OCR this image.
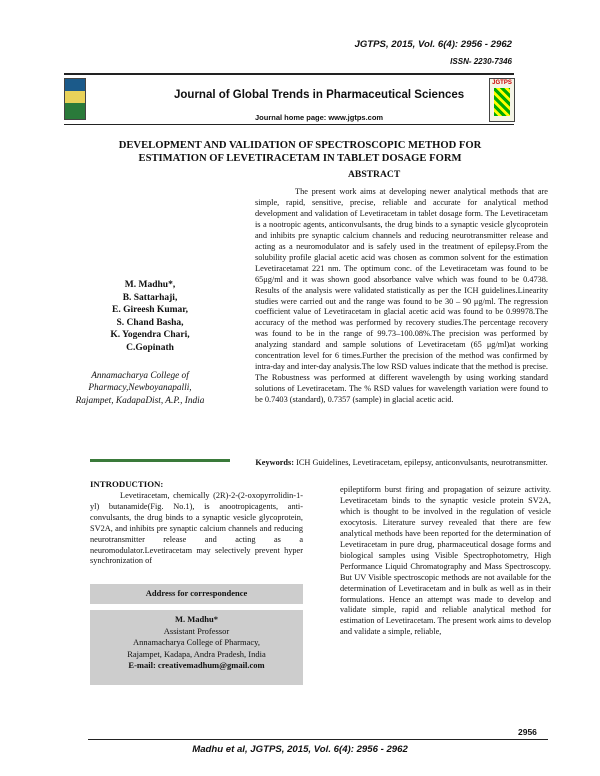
JGTPS, 2015, Vol. 6(4): 2956 - 2962
ISSN- 2230-7346
Journal of Global Trends in Pharmaceutical Sciences
JGTPS
Journal home page: www.jgtps.com
DEVELOPMENT AND VALIDATION OF SPECTROSCOPIC METHOD FOR
ESTIMATION OF LEVETIRACETAM IN TABLET DOSAGE FORM
ABSTRACT
The present work aims at developing newer analytical methods that are simple, rapid, sensitive, precise, reliable and accurate for analytical method development and validation of Levetiracetam in tablet dosage form. The Levetiracetam is a nootropic agents, anticonvulsants, the drug binds to a synaptic vesicle glycoprotein and inhibits pre synaptic calcium channels and reducing neurotransmitter release and acting as a neuromodulator and is safely used in the treatment of epilepsy.From the solubility profile glacial acetic acid was chosen as common solvent for the estimation Levetiracetamat 221 nm. The optimum conc. of the Levetiracetam was found to be 65μg/ml and it was shown good absorbance valve which was found to be 0.4738. Results of the analysis were validated statistically as per the ICH guidelines.Linearity studies were carried out and the range was found to be 30 – 90 μg/ml. The regression coefficient value of Levetiracetam in glacial acetic acid was found to be 0.99978.The accuracy of the method was performed by recovery studies.The percentage recovery was found to be in the range of 99.73–100.08%.The precision was performed by analyzing standard and sample solutions of Levetiracetam (65 μg/ml)at working concentration level for 6 times.Further the precision of the method was confirmed by intra-day and inter-day analysis.The low RSD values indicate that the method is precise. The Robustness was performed at different wavelength by using working standard solutions of Levetiracetam. The % RSD values for wavelength variation were found to be 0.7403 (standard), 0.7357 (sample) in glacial acetic acid.
Keywords: ICH Guidelines, Levetiracetam, epilepsy, anticonvulsants, neurotransmitter.
M. Madhu*,
B. Sattarhaji,
E. Gireesh Kumar,
S. Chand Basha,
K. Yogendra Chari,
C.Gopinath
Annamacharya College of
Pharmacy,Newboyanapalli,
Rajampet, KadapaDist, A.P., India
INTRODUCTION:
Levetiracetam, chemically (2R)-2-(2-oxopyrrolidin-1-yl) butanamide(Fig. No.1), is anootropicagents, anti-convulsants, the drug binds to a synaptic vesicle glycoprotein, SV2A, and inhibits pre synaptic calcium channels and reducing neurotransmitter release and acting as a neuromodulator.Levetiracetam may selectively prevent hyper synchronization of
epileptiform burst firing and propagation of seizure activity. Levetiracetam binds to the synaptic vesicle protein SV2A, which is thought to be involved in the regulation of vesicle exocytosis. Literature survey revealed that there are few analytical methods have been reported for the determination of Levetiracetam in pure drug, pharmaceutical dosage forms and biological samples using Visible Spectrophotometry, High Performance Liquid Chromatography and Mass Spectroscopy. But UV Visible spectroscopic methods are not available for the determination of Levetiracetam and in bulk as well as in their formulations. Hence an attempt was made to develop and validate simple, rapid and reliable analytical method for estimation of Levetiracetam. The present work aims to develop and validate a simple, reliable,
Address for correspondence
M. Madhu*
Assistant Professor
Annamacharya College of Pharmacy,
Rajampet, Kadapa, Andra Pradesh, India
E-mail: creativemadhum@gmail.com
2956
Madhu et al, JGTPS, 2015, Vol. 6(4): 2956 - 2962
